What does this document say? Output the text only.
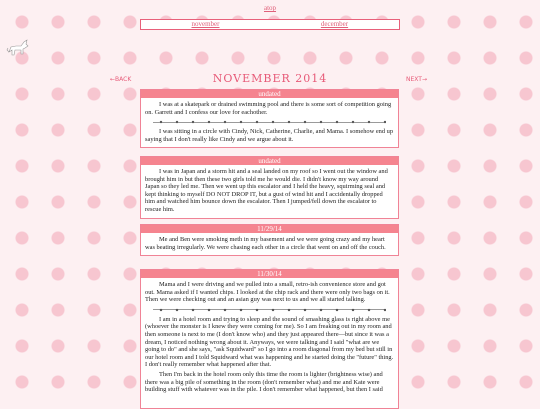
atop
november	december
←BACK	NOVEMBER 2014	NEXT→
undated

I was at a skatepark or drained swimming pool and there is some sort of competition going on. Garrett and I confess our love for eachother.

I was sitting in a circle with Cindy, Nick, Catherine, Charlie, and Mama. I somehow end up saying that I don't really like Cindy and we argue about it.

undated

I was in Japan and a storm hit and a seal landed on my roof so I went out the window and brought him in but then these two girls told me he would die. I didn't know my way around Japan so they led me. Then we went up this escalator and I held the heavy, squirming seal and kept thinking to myself DO NOT DROP IT, but a gust of wind hit and I accidentally dropped him and watched him bounce down the escalator. Then I jumped/fell down the escalator to rescue him.

11/29/14

Me and Ben were smoking meth in my basement and we were going crazy and my heart was beating irregularly. We were chasing each other in a circle that went on and off the couch.

11/30/14

Mama and I were driving and we pulled into a small, retro-ish convenience store and got out. Mama asked if I wanted chips. I looked at the chip rack and there were only two bags on it. Then we were checking out and an asian guy was next to us and we all started talking.

I am in a hotel room and trying to sleep and the sound of smashing glass is right above me (whoever the monster is I knew they were coming for me). So I am freaking out in my room and then someone is next to me (I don't know who) and they just appeared there—but since it was a dream, I noticed nothing wrong about it. Anyways, we were talking and I said "what are we going to do" and she says, "ask Squidward" so I go into a room diagonal from my bed but still in our hotel room and I told Squidward what was happening and he started doing the "future" thing. I don't really remember what happened after that.

Then I'm back in the hotel room only this time the room is lighter (brightness wise) and there was a big pile of something in the room (don't remember what) and me and Kate were building stuff with whatever was in the pile. I don't remember what happened, but then I said
